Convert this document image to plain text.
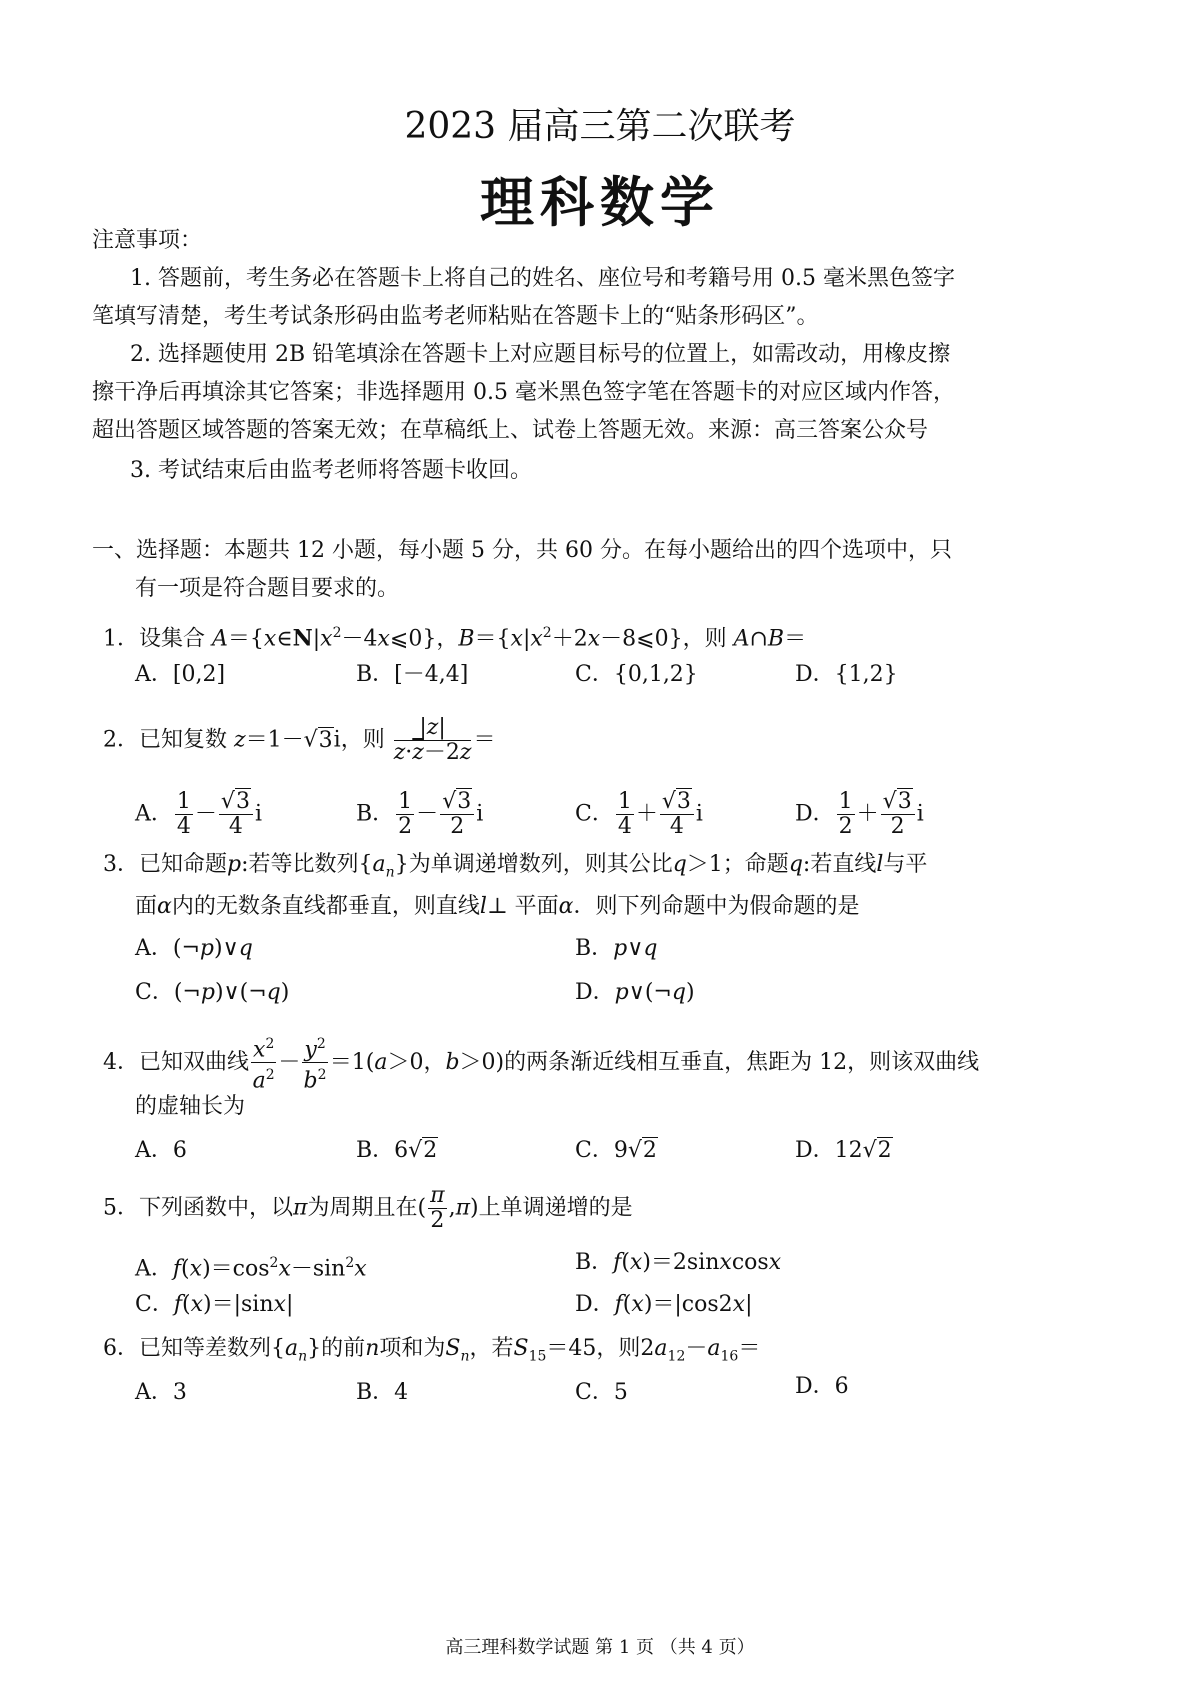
2023 届高三第二次联考
理科数学
注意事项：
1. 答题前，考生务必在答题卡上将自己的姓名、座位号和考籍号用 0.5 毫米黑色签字
笔填写清楚，考生考试条形码由监考老师粘贴在答题卡上的“贴条形码区”。
2. 选择题使用 2B 铅笔填涂在答题卡上对应题目标号的位置上，如需改动，用橡皮擦
擦干净后再填涂其它答案；非选择题用 0.5 毫米黑色签字笔在答题卡的对应区域内作答，
超出答题区域答题的答案无效；在草稿纸上、试卷上答题无效。来源：高三答案公众号
3. 考试结束后由监考老师将答题卡收回。
一、选择题：本题共 12 小题，每小题 5 分，共 60 分。在每小题给出的四个选项中，只
有一项是符合题目要求的。
1．设集合 $A=\{x\in N|x^2-4x⩽0\}$，$B=\{x|x^2+2x-8⩽0\}$，则 A∩B＝
A．[0,2]	B．[－4,4]	C．{0,1,2}	D．{1,2}
2．已知复数 z＝1－√3i，则 $\frac{|z|}{z\cdot\overline{z}-2z}$ ＝
A． $\frac{1}{4} - \frac{√3}{4}$ i	B． $\frac{1}{2} - \frac{√3}{2}$ i	C． $\frac{1}{4} + \frac{√3}{4}$ i	D． $\frac{1}{2} + \frac{√3}{2}$ i
3．已知命题p:若等比数列$\{a_n\}$为单调递增数列，则其公比q＞1；命题q:若直线l与平
面α内的无数条直线都垂直，则直线l⊥ 平面α．则下列命题中为假命题的是
A．(¬p)∨q	B．p∨q
C．(¬p)∨(¬q)	D．p∨(¬q)
4．已知双曲线 $\frac{x^2}{a^2} - \frac{y^2}{b^2} =1(a>0$，b＞0)的两条渐近线相互垂直，焦距为 12，则该双曲线
的虚轴长为
A．6	B．6√2	C．9√2	D．12√2
5．下列函数中，以π为周期且在( $\frac{\pi}{2} ,\pi$)上单调递增的是
A．$f(x)=\cos^2x-\sin^2x$	B．f(x)＝2sinxcosx
C．f(x)＝|sinx|	D．f(x)＝|cos2x|
6．已知等差数列$\{a_n\}$的前n项和为$S_n$，若$S_{15}=45$，则$2a_{12}-a_{16}=$
A．3	B．4	C．5	D．6
高三理科数学试题 第 1 页 （共 4 页）
